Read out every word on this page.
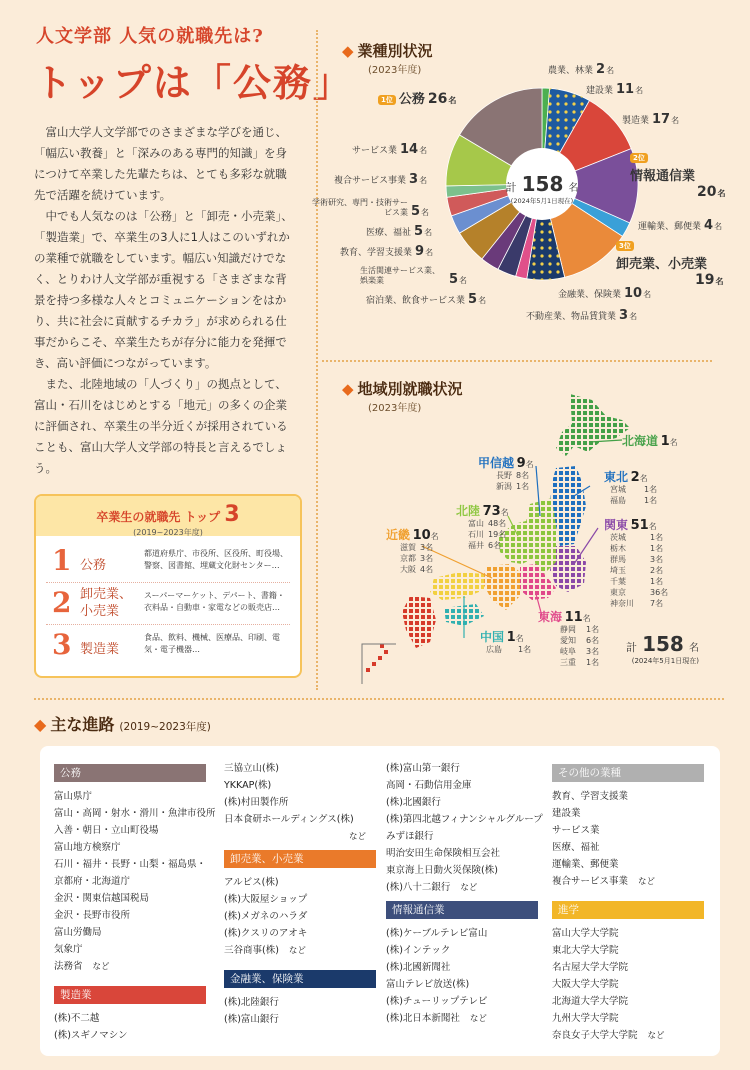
人文学部 人気の就職先は?
トップは「公務」

富山大学人文学部でのさまざまな学びを通じ、「幅広い教養」と「深みのある専門的知識」を身につけて卒業した先輩たちは、とても多彩な就職先で活躍を続けています。

中でも人気なのは「公務」と「卸売・小売業」、「製造業」で、卒業生の3人に1人はこのいずれかの業種で就職をしています。幅広い知識だけでなく、とりわけ人文学部が重視する「さまざまな背景を持つ多様な人々とコミュニケーションをはかり、共に社会に貢献するチカラ」が求められる仕事だからこそ、卒業生たちが存分に能力を発揮でき、高い評価につながっています。

また、北陸地域の「人づくり」の拠点として、富山・石川をはじめとする「地元」の多くの企業に評価され、卒業生の半分近くが採用されていることも、富山大学人文学部の特長と言えるでしょう。

卒業生の就職先 トップ 3
(2019~2023年度)
1 公務
都道府県庁、市役所、区役所、町役場、警察、図書館、埋蔵文化財センター…
2 卸売業、小売業
スーパーマーケット、デパート、書籍・衣料品・自動車・家電などの販売店…
3 製造業
食品、飲料、機械、医療品、印刷、電気・電子機器…
◆ 業種別状況
(2023年度)
計 158 名
(2024年5月1日現在)
農業、林業 2名
建設業 11名
製造業 17名
2位
情報通信業
20名
運輸業、郵便業 4名
3位
卸売業、小売業
19名
金融業、保険業 10名
不動産業、物品賃貸業 3名
宿泊業、飲食サービス業 5名
生活関連サービス業、娯楽業	5名
教育、学習支援業 9名
医療、福祉 5名
学術研究、専門・技術サービス業 5名
複合サービス事業 3名
サービス業 14名
1位 公務 26名
◆ 地域別就職状況
(2023年度)
北海道 1名
甲信越 9名
長野	8名
新潟	1名
東北 2名
宮城	1名
福島	1名
北陸 73名
富山	48名
石川	19名
福井	6名
近畿 10名
滋賀	3名
京都	3名
大阪	4名
関東 51名
茨城	1名
栃木	1名
群馬	3名
埼玉	2名
千葉	1名
東京	36名
神奈川	7名
東海 11名
静岡	1名
愛知	6名
岐阜	3名
三重	1名
中国 1名
広島	1名	計 158 名
(2024年5月1日現在)
◆ 主な進路 (2019~2023年度)
公務
富山県庁
富山・高岡・射水・滑川・魚津市役所
入善・朝日・立山町役場
富山地方検察庁
石川・福井・長野・山梨・福島県・
京都府・北海道庁
金沢・関東信越国税局
金沢・長野市役所
富山労働局
気象庁
法務省 など
製造業
(株)不二越
(株)スギノマシン
三協立山(株)
YKKAP(株)
(株)村田製作所
日本食研ホールディングス(株)
など
卸売業、小売業
アルビス(株)
(株)大阪屋ショップ
(株)メガネのハラダ
(株)クスリのアオキ
三谷商事(株) など
金融業、保険業
(株)北陸銀行
(株)富山銀行
(株)富山第一銀行
高岡・石動信用金庫
(株)北國銀行
(株)第四北越フィナンシャルグループ
みずほ銀行
明治安田生命保険相互会社
東京海上日動火災保険(株)
(株)八十二銀行 など
情報通信業
(株)ケーブルテレビ富山
(株)インテック
(株)北國新聞社
富山テレビ放送(株)
(株)チューリップテレビ
(株)北日本新聞社 など
その他の業種
教育、学習支援業
建設業
サービス業
医療、福祉
運輸業、郵便業
複合サービス事業 など
進学
富山大学大学院
東北大学大学院
名古屋大学大学院
大阪大学大学院
北海道大学大学院
九州大学大学院
奈良女子大学大学院 など
